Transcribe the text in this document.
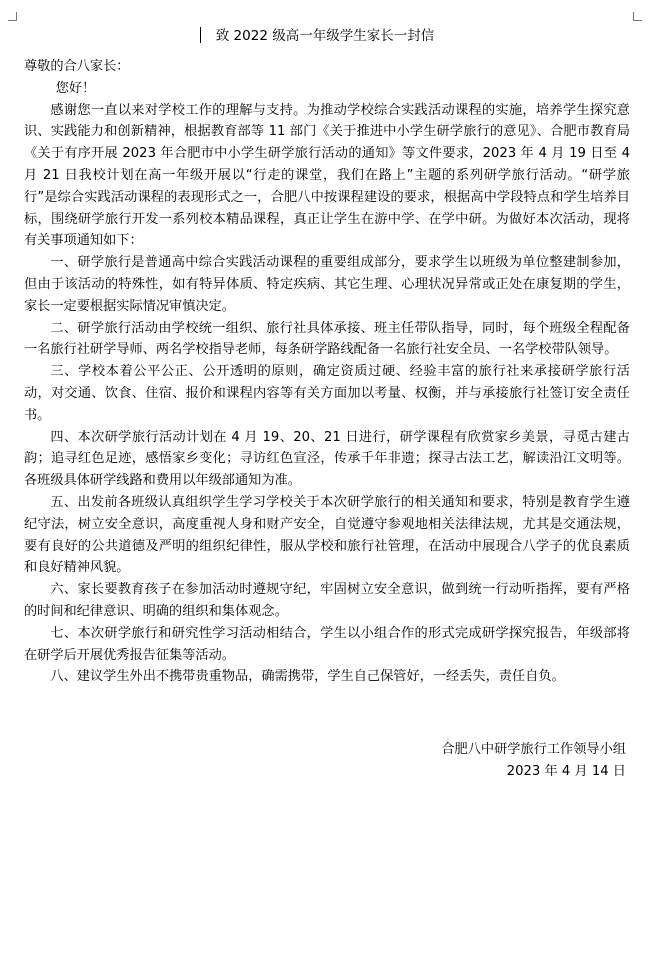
致 2022 级高一年级学生家长一封信

尊敬的合八家长：

您好！

感谢您一直以来对学校工作的理解与支持。为推动学校综合实践活动课程的实施，培养学生探究意识、实践能力和创新精神，根据教育部等 11 部门《关于推进中小学生研学旅行的意见》、合肥市教育局《关于有序开展 2023 年合肥市中小学生研学旅行活动的通知》等文件要求，2023 年 4 月 19 日至 4 月 21 日我校计划在高一年级开展以“行走的课堂，我们在路上”主题的系列研学旅行活动。“研学旅行”是综合实践活动课程的表现形式之一，合肥八中按课程建设的要求，根据高中学段特点和学生培养目标，围绕研学旅行开发一系列校本精品课程，真正让学生在游中学、在学中研。为做好本次活动，现将有关事项通知如下：

一、研学旅行是普通高中综合实践活动课程的重要组成部分，要求学生以班级为单位整建制参加，但由于该活动的特殊性，如有特异体质、特定疾病、其它生理、心理状况异常或正处在康复期的学生，家长一定要根据实际情况审慎决定。

二、研学旅行活动由学校统一组织、旅行社具体承接、班主任带队指导，同时，每个班级全程配备一名旅行社研学导师、两名学校指导老师，每条研学路线配备一名旅行社安全员、一名学校带队领导。

三、学校本着公平公正、公开透明的原则，确定资质过硬、经验丰富的旅行社来承接研学旅行活动，对交通、饮食、住宿、报价和课程内容等有关方面加以考量、权衡，并与承接旅行社签订安全责任书。

四、本次研学旅行活动计划在 4 月 19、20、21 日进行，研学课程有欣赏家乡美景，寻觅古建古韵；追寻红色足迹，感悟家乡变化；寻访红色宣泾，传承千年非遗；探寻古法工艺，解读沿江文明等。各班级具体研学线路和费用以年级部通知为准。

五、出发前各班级认真组织学生学习学校关于本次研学旅行的相关通知和要求，特别是教育学生遵纪守法，树立安全意识，高度重视人身和财产安全，自觉遵守参观地相关法律法规，尤其是交通法规，要有良好的公共道德及严明的组织纪律性，服从学校和旅行社管理，在活动中展现合八学子的优良素质和良好精神风貌。

六、家长要教育孩子在参加活动时遵规守纪，牢固树立安全意识，做到统一行动听指挥，要有严格的时间和纪律意识、明确的组织和集体观念。

七、本次研学旅行和研究性学习活动相结合，学生以小组合作的形式完成研学探究报告，年级部将在研学后开展优秀报告征集等活动。

八、建议学生外出不携带贵重物品，确需携带，学生自己保管好，一经丢失，责任自负。

合肥八中研学旅行工作领导小组
2023 年 4 月 14 日
